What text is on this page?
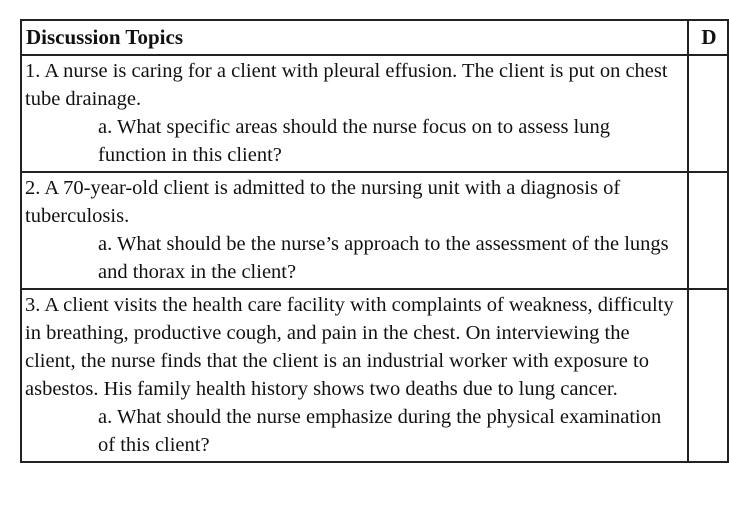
Discussion Topics	D

1. A nurse is caring for a client with pleural effusion. The client is put on chest tube drainage.
a. What specific areas should the nurse focus on to assess lung function in this client?	

2. A 70-year-old client is admitted to the nursing unit with a diagnosis of tuberculosis.
a. What should be the nurse’s approach to the assessment of the lungs and thorax in the client?	

3. A client visits the health care facility with complaints of weakness, difficulty in breathing, productive cough, and pain in the chest. On interviewing the client, the nurse finds that the client is an industrial worker with exposure to asbestos. His family health history shows two deaths due to lung cancer.
a. What should the nurse emphasize during the physical examination of this client?	
